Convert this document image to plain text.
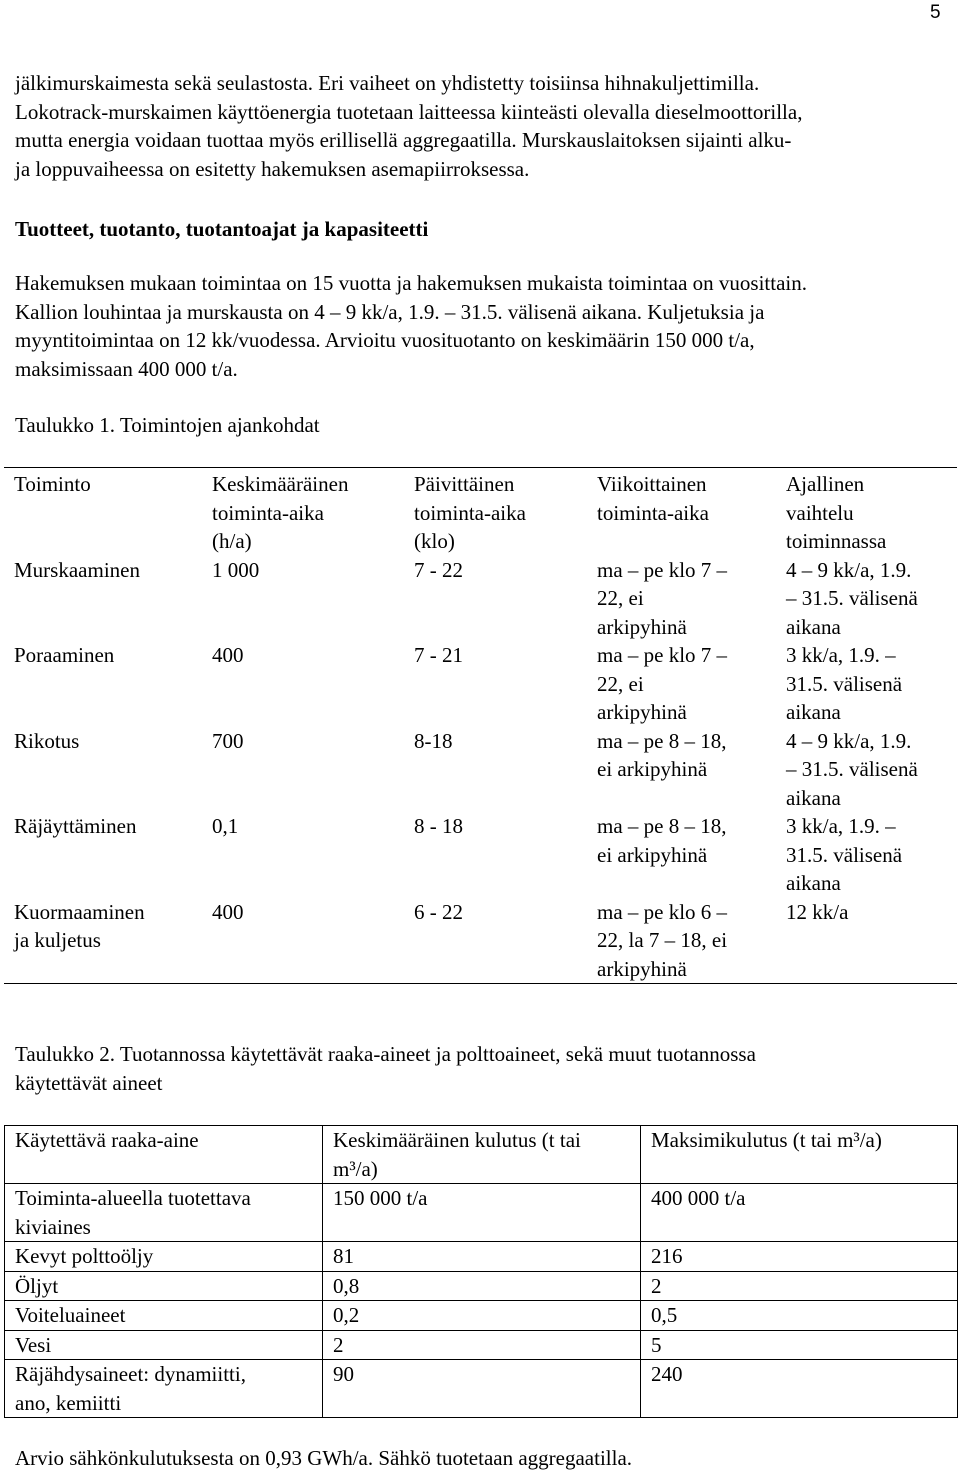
5

jälkimurskaimesta sekä seulastosta. Eri vaiheet on yhdistetty toisiinsa hihnakuljettimilla.
Lokotrack-murskaimen käyttöenergia tuotetaan laitteessa kiinteästi olevalla dieselmoottorilla,
mutta energia voidaan tuottaa myös erillisellä aggregaatilla. Murskauslaitoksen sijainti alku-
ja loppuvaiheessa on esitetty hakemuksen asemapiirroksessa.

Tuotteet, tuotanto, tuotantoajat ja kapasiteetti

Hakemuksen mukaan toimintaa on 15 vuotta ja hakemuksen mukaista toimintaa on vuosittain.
Kallion louhintaa ja murskausta on 4 – 9 kk/a, 1.9. – 31.5. välisenä aikana. Kuljetuksia ja
myyntitoimintaa on 12 kk/vuodessa. Arvioitu vuosituotanto on keskimäärin 150 000 t/a,
maksimissaan 400 000 t/a.

Taulukko 1. Toimintojen ajankohdat

Toiminto	Keskimääräinen
toiminta-aika
(h/a)	Päivittäinen
toiminta-aika
(klo)	Viikoittainen
toiminta-aika	Ajallinen
vaihtelu
toiminnassa
Murskaaminen	1 000	7 - 22	ma – pe klo 7 –
22, ei
arkipyhinä	4 – 9 kk/a, 1.9.
– 31.5. välisenä
aikana
Poraaminen	400	7 - 21	ma – pe klo 7 –
22, ei
arkipyhinä	3 kk/a, 1.9. –
31.5. välisenä
aikana
Rikotus	700	8-18	ma – pe 8 – 18,
ei arkipyhinä	4 – 9 kk/a, 1.9.
– 31.5. välisenä
aikana
Räjäyttäminen	0,1	8 - 18	ma – pe 8 – 18,
ei arkipyhinä	3 kk/a, 1.9. –
31.5. välisenä
aikana
Kuormaaminen
ja kuljetus	400	6 - 22	ma – pe klo 6 –
22, la 7 – 18, ei
arkipyhinä	12 kk/a

Taulukko 2. Tuotannossa käytettävät raaka-aineet ja polttoaineet, sekä muut tuotannossa
käytettävät aineet

Käytettävä raaka-aine	Keskimääräinen kulutus (t tai
m³/a)	Maksimikulutus (t tai m³/a)
Toiminta-alueella tuotettava
kiviaines	150 000 t/a	400 000 t/a
Kevyt polttoöljy	81	216
Öljyt	0,8	2
Voiteluaineet	0,2	0,5
Vesi	2	5
Räjähdysaineet: dynamiitti,
ano, kemiitti	90	240

Arvio sähkönkulutuksesta on 0,93 GWh/a. Sähkö tuotetaan aggregaatilla.
